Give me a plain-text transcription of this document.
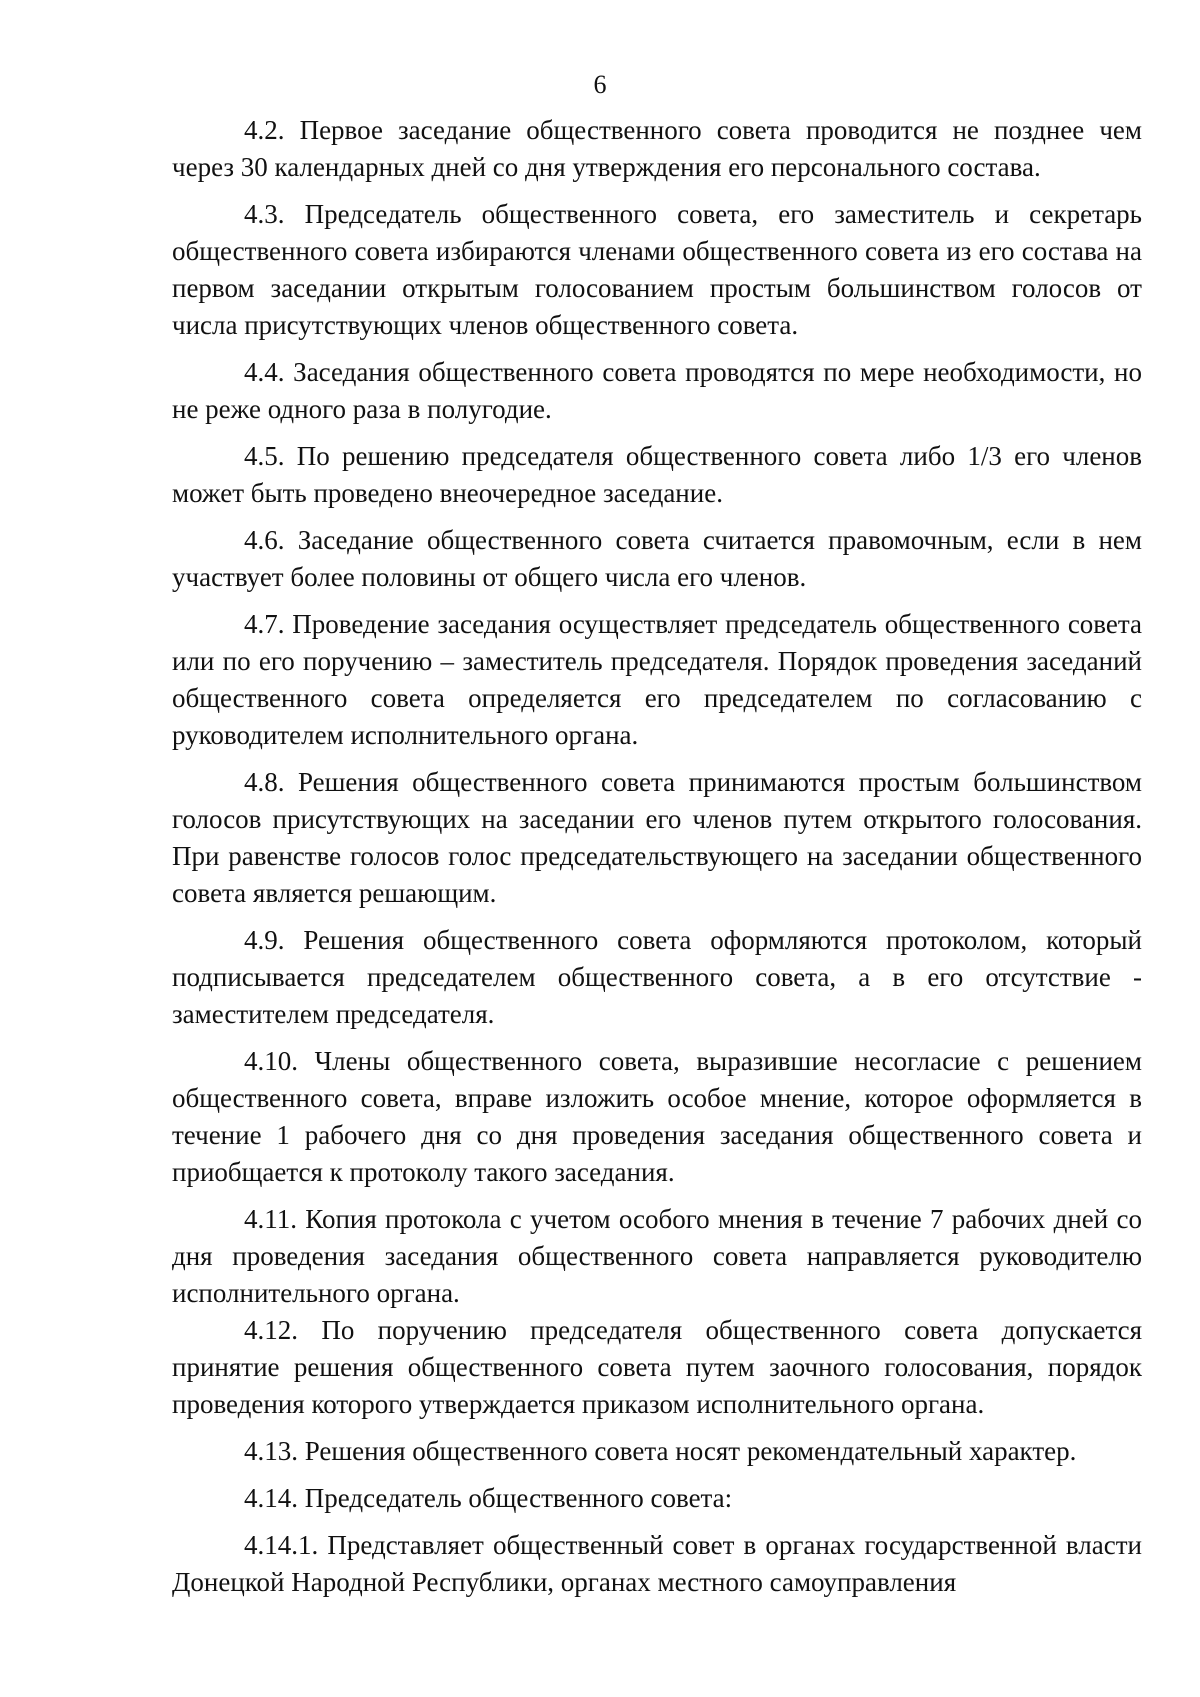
6

4.2. Первое заседание общественного совета проводится не позднее чем через 30 календарных дней со дня утверждения его персонального состава.

4.3. Председатель общественного совета, его заместитель и секретарь общественного совета избираются членами общественного совета из его состава на первом заседании открытым голосованием простым большинством голосов от числа присутствующих членов общественного совета.

4.4. Заседания общественного совета проводятся по мере необходимости, но не реже одного раза в полугодие.

4.5. По решению председателя общественного совета либо 1/3 его членов может быть проведено внеочередное заседание.

4.6. Заседание общественного совета считается правомочным, если в нем участвует более половины от общего числа его членов.

4.7. Проведение заседания осуществляет председатель общественного совета или по его поручению – заместитель председателя. Порядок проведения заседаний общественного совета определяется его председателем по согласованию с руководителем исполнительного органа.

4.8. Решения общественного совета принимаются простым большинством голосов присутствующих на заседании его членов путем открытого голосования. При равенстве голосов голос председательствующего на заседании общественного совета является решающим.

4.9. Решения общественного совета оформляются протоколом, который подписывается председателем общественного совета, а в его отсутствие - заместителем председателя.

4.10. Члены общественного совета, выразившие несогласие с решением общественного совета, вправе изложить особое мнение, которое оформляется в течение 1 рабочего дня со дня проведения заседания общественного совета и приобщается к протоколу такого заседания.

4.11. Копия протокола с учетом особого мнения в течение 7 рабочих дней со дня проведения заседания общественного совета направляется руководителю исполнительного органа.

4.12. По поручению председателя общественного совета допускается принятие решения общественного совета путем заочного голосования, порядок проведения которого утверждается приказом исполнительного органа.

4.13. Решения общественного совета носят рекомендательный характер.

4.14. Председатель общественного совета:

4.14.1. Представляет общественный совет в органах государственной власти Донецкой Народной Республики, органах местного самоуправления
